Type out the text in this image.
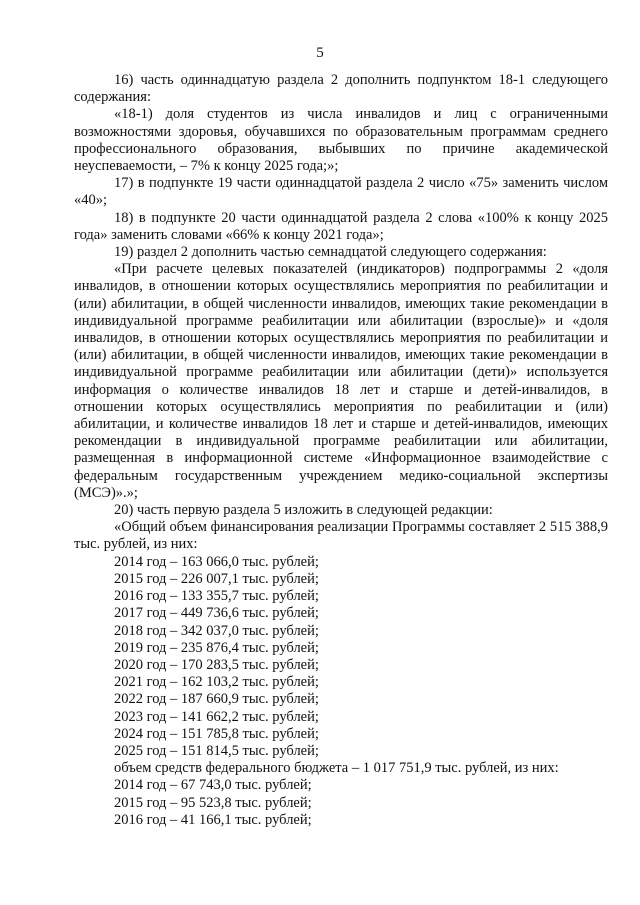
5

16) часть одиннадцатую раздела 2 дополнить подпунктом 18-1 следующего содержания:

«18-1) доля студентов из числа инвалидов и лиц с ограниченными возможностями здоровья, обучавшихся по образовательным программам среднего профессионального образования, выбывших по причине академической неуспеваемости, – 7% к концу 2025 года;»;

17) в подпункте 19 части одиннадцатой раздела 2 число «75» заменить числом «40»;

18) в подпункте 20 части одиннадцатой раздела 2 слова «100% к концу 2025 года» заменить словами «66% к концу 2021 года»;

19) раздел 2 дополнить частью семнадцатой следующего содержания:

«При расчете целевых показателей (индикаторов) подпрограммы 2 «доля инвалидов, в отношении которых осуществлялись мероприятия по реабилитации и (или) абилитации, в общей численности инвалидов, имеющих такие рекомендации в индивидуальной программе реабилитации или абилитации (взрослые)» и «доля инвалидов, в отношении которых осуществлялись мероприятия по реабилитации и (или) абилитации, в общей численности инвалидов, имеющих такие рекомендации в индивидуальной программе реабилитации или абилитации (дети)» используется информация о количестве инвалидов 18 лет и старше и детей-инвалидов, в отношении которых осуществлялись мероприятия по реабилитации и (или) абилитации, и количестве инвалидов 18 лет и старше и детей-инвалидов, имеющих рекомендации в индивидуальной программе реабилитации или абилитации, размещенная в информационной системе «Информационное взаимодействие с федеральным государственным учреждением медико-социальной экспертизы (МСЭ)».»;

20) часть первую раздела 5 изложить в следующей редакции:

«Общий объем финансирования реализации Программы составляет 2 515 388,9 тыс. рублей, из них:

2014 год – 163 066,0 тыс. рублей;

2015 год – 226 007,1 тыс. рублей;

2016 год – 133 355,7 тыс. рублей;

2017 год – 449 736,6 тыс. рублей;

2018 год – 342 037,0 тыс. рублей;

2019 год – 235 876,4 тыс. рублей;

2020 год – 170 283,5 тыс. рублей;

2021 год – 162 103,2 тыс. рублей;

2022 год – 187 660,9 тыс. рублей;

2023 год – 141 662,2 тыс. рублей;

2024 год – 151 785,8 тыс. рублей;

2025 год – 151 814,5 тыс. рублей;

объем средств федерального бюджета – 1 017 751,9 тыс. рублей, из них:

2014 год – 67 743,0 тыс. рублей;

2015 год – 95 523,8 тыс. рублей;

2016 год – 41 166,1 тыс. рублей;
